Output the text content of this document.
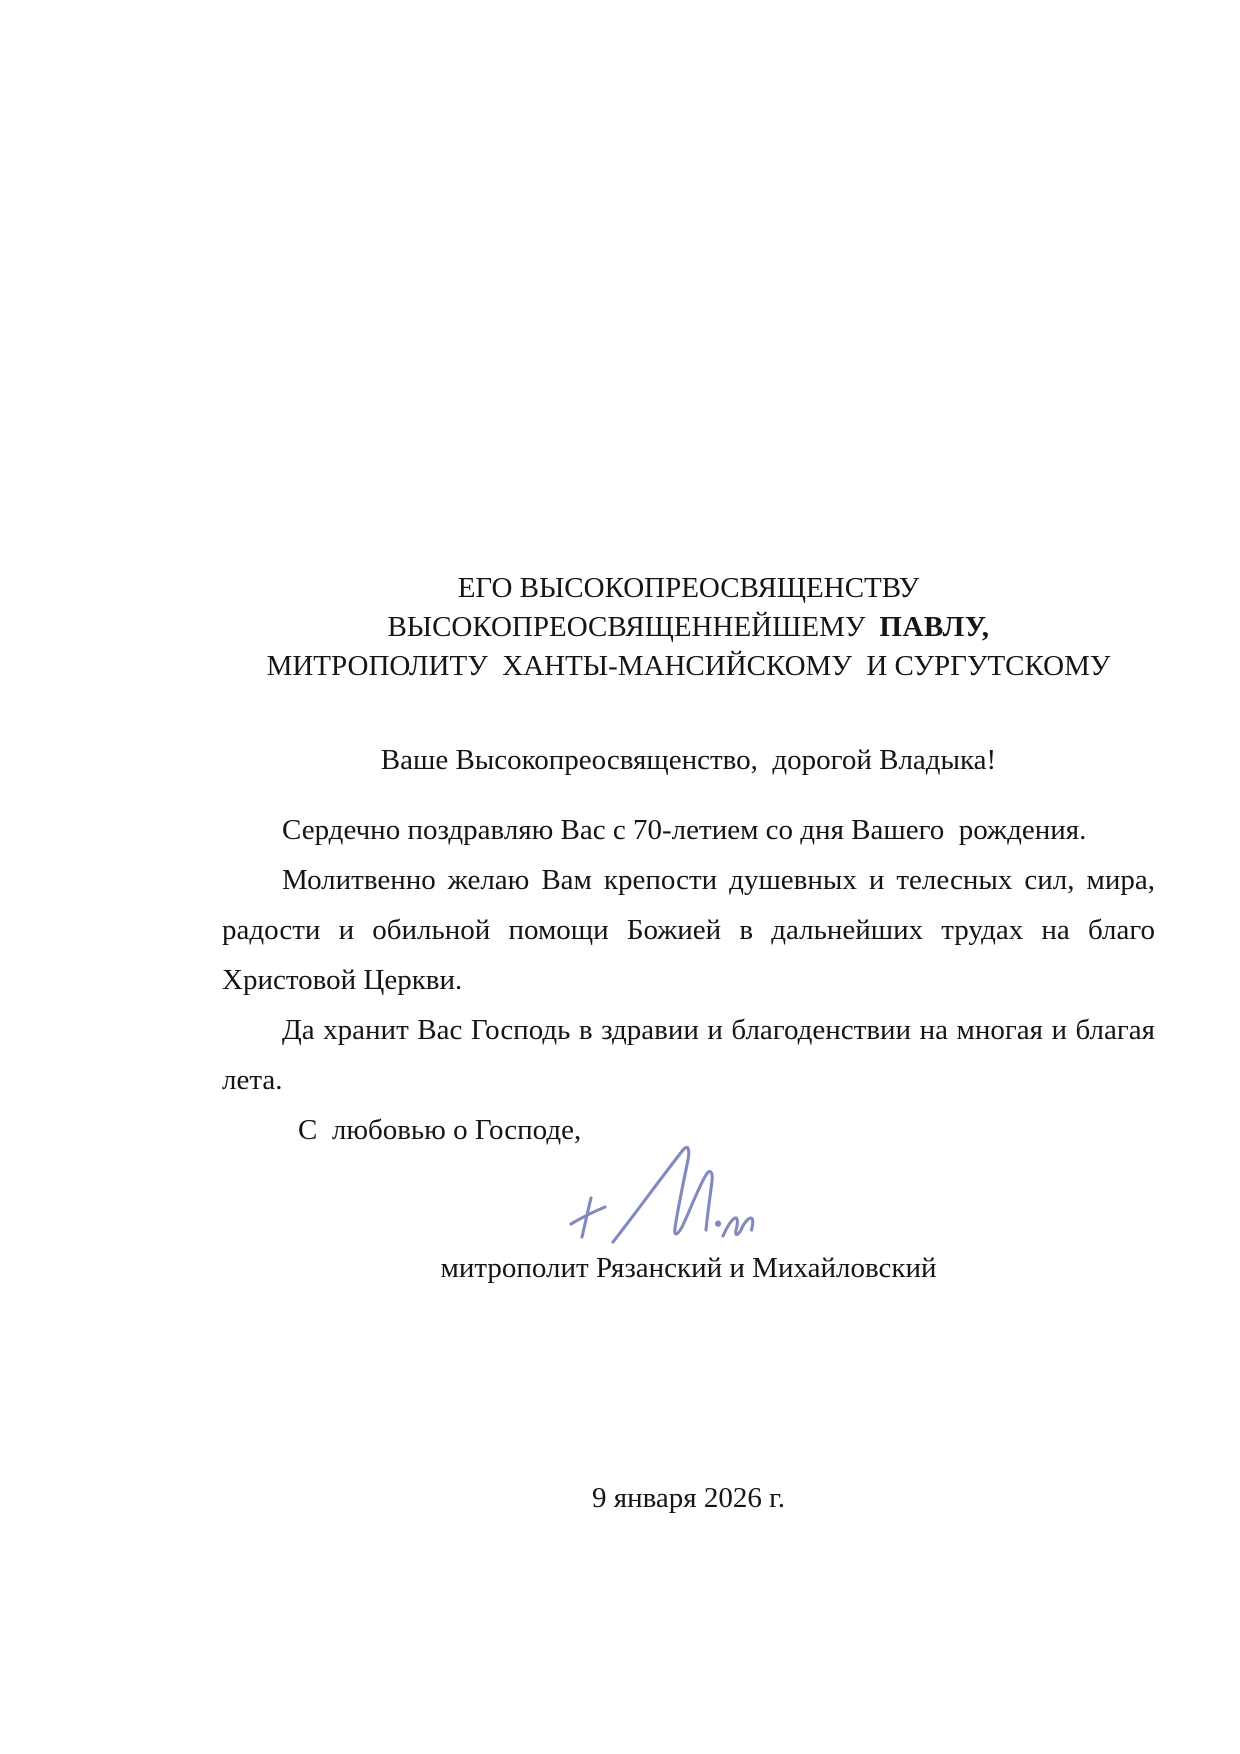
ЕГО ВЫСОКОПРЕОСВЯЩЕНСТВУ
ВЫСОКОПРЕОСВЯЩЕННЕЙШЕМУ ПАВЛУ,
МИТРОПОЛИТУ  ХАНТЫ-МАНСИЙСКОМУ  И СУРГУТСКОМУ
Ваше Высокопреосвященство,  дорогой Владыка!
Сердечно поздравляю Вас с 70-летием со дня Вашего  рождения.
Молитвенно желаю Вам крепости душевных и телесных сил, мира,
радости и обильной помощи Божией в дальнейших трудах на благо
Христовой Церкви.
Да хранит Вас Господь в здравии и благоденствии на многая и благая
лета.
С  любовью о Господе,
митрополит Рязанский и Михайловский
9 января 2026 г.
